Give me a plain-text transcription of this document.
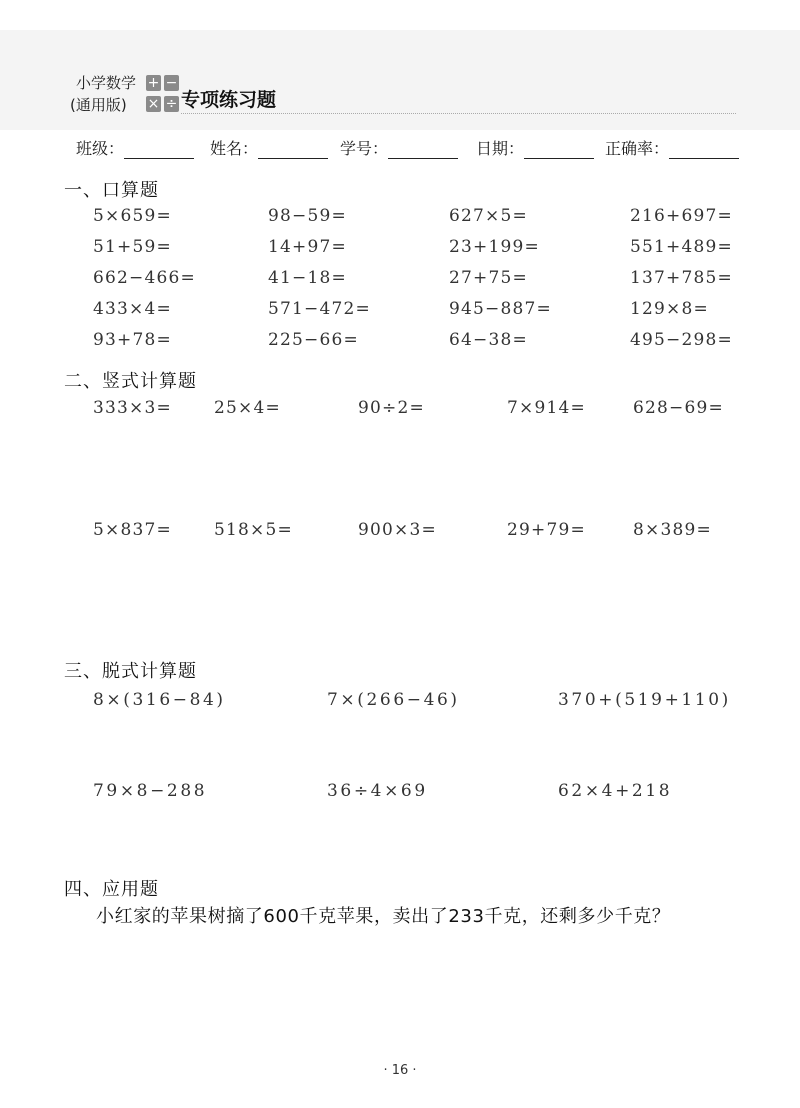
小学数学
(通用版)
+ −
× ÷ 专项练习题
班级：	姓名：	学号：	日期：	正确率：
一、口算题
5×659=	98−59=	627×5=	216+697=
51+59=	14+97=	23+199=	551+489=
662−466=	41−18=	27+75=	137+785=
433×4=	571−472=	945−887=	129×8=
93+78=	225−66=	64−38=	495−298=
二、竖式计算题
333×3= 25×4=	90÷2=	7×914=	628−69=
5×837= 518×5=	900×3=	29+79=	8×389=
三、脱式计算题
8×(316−84)	7×(266−46)	370+(519+110)
79×8−288	36÷4×69	62×4+218
四、应用题
小红家的苹果树摘了600千克苹果，卖出了233千克，还剩多少千克？
· 16 ·
